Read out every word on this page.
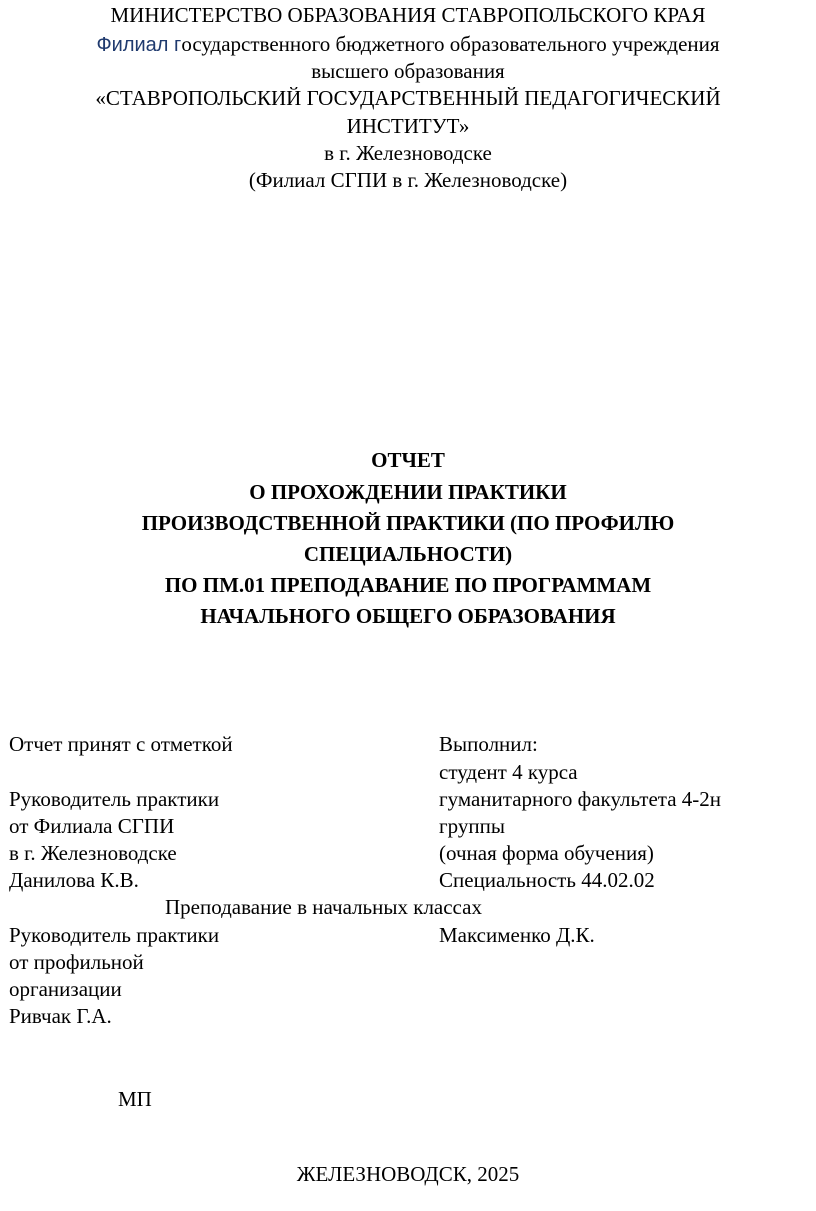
МИНИСТЕРСТВО ОБРАЗОВАНИЯ СТАВРОПОЛЬСКОГО КРАЯ
Филиал государственного бюджетного образовательного учреждения
высшего образования
«СТАВРОПОЛЬСКИЙ ГОСУДАРСТВЕННЫЙ ПЕДАГОГИЧЕСКИЙ
ИНСТИТУТ»
в г. Железноводске
(Филиал СГПИ в г. Железноводске)
ОТЧЕТ
О ПРОХОЖДЕНИИ ПРАКТИКИ
ПРОИЗВОДСТВЕННОЙ ПРАКТИКИ (ПО ПРОФИЛЮ
СПЕЦИАЛЬНОСТИ)
ПО ПМ.01 ПРЕПОДАВАНИЕ ПО ПРОГРАММАМ
НАЧАЛЬНОГО ОБЩЕГО ОБРАЗОВАНИЯ
Отчет принят с отметкой
Руководитель практики
от Филиала СГПИ
в г. Железноводске
Данилова К.В.
Выполнил:
студент 4 курса
гуманитарного факультета 4-2н
группы
(очная форма обучения)
Специальность 44.02.02
Преподавание в начальных классах
Руководитель практики	Максименко Д.К.
от профильной
организации
Ривчак Г.А.
МП
ЖЕЛЕЗНОВОДСК, 2025
